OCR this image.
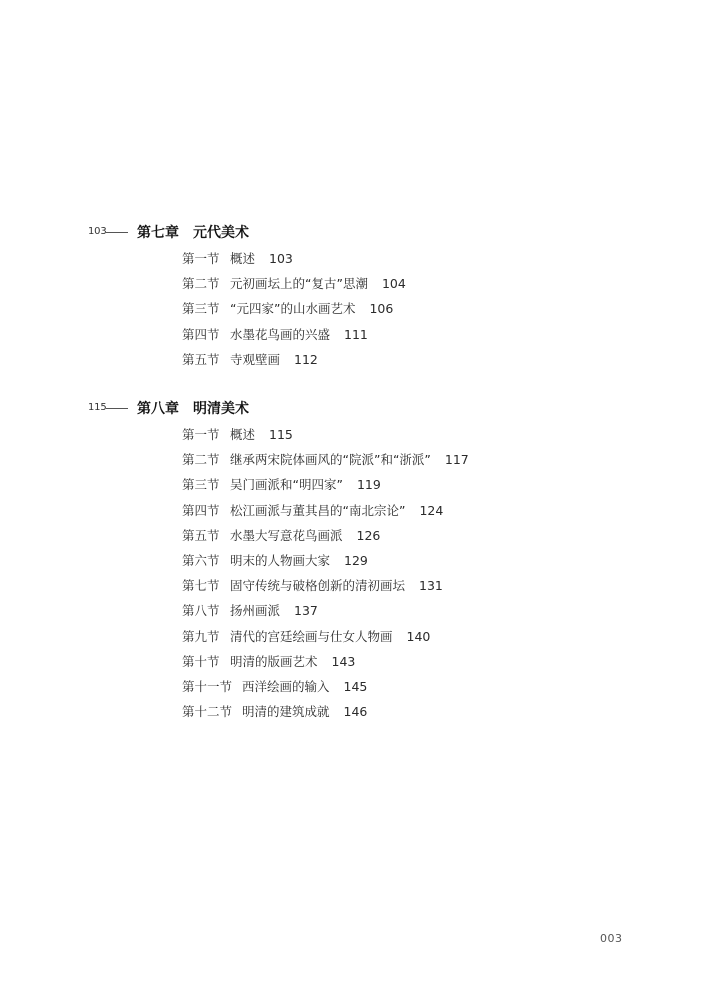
103 第七章 元代美术
第一节 概述 103
第二节 元初画坛上的“复古”思潮 104
第三节 “元四家”的山水画艺术 106
第四节 水墨花鸟画的兴盛 111
第五节 寺观壁画 112
115 第八章 明清美术
第一节 概述 115
第二节 继承两宋院体画风的“院派”和“浙派” 117
第三节 吴门画派和“明四家” 119
第四节 松江画派与董其昌的“南北宗论” 124
第五节 水墨大写意花鸟画派 126
第六节 明末的人物画大家 129
第七节 固守传统与破格创新的清初画坛 131
第八节 扬州画派 137
第九节 清代的宫廷绘画与仕女人物画 140
第十节 明清的版画艺术 143
第十一节 西洋绘画的输入 145
第十二节 明清的建筑成就 146
003
